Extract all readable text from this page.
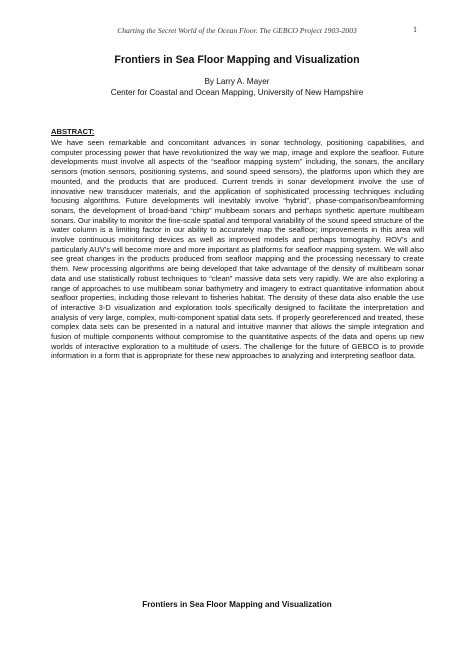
Charting the Secret World of the Ocean Floor. The GEBCO Project 1903-2003	1
Frontiers in Sea Floor Mapping and Visualization
By Larry A. Mayer
Center for Coastal and Ocean Mapping, University of New Hampshire
ABSTRACT:

We have seen remarkable and concomitant advances in sonar technology, positioning capabilities, and computer processing power that have revolutionized the way we map, image and explore the seafloor. Future developments must involve all aspects of the “seafloor mapping system” including, the sonars, the ancillary sensors (motion sensors, positioning systems, and sound speed sensors), the platforms upon which they are mounted, and the products that are produced. Current trends in sonar development involve the use of innovative new transducer materials, and the application of sophisticated processing techniques including focusing algorithms. Future developments will inevitably involve “hybrid”, phase-comparison/beamforming sonars, the development of broad-band “chirp” multibeam sonars and perhaps synthetic aperture multibeam sonars. Our inability to monitor the fine-scale spatial and temporal variability of the sound speed structure of the water column is a limiting factor in our ability to accurately map the seafloor; improvements in this area will involve continuous monitoring devices as well as improved models and perhaps tomography. ROV’s and particularly AUV’s will become more and more important as platforms for seafloor mapping system. We will also see great changes in the products produced from seafloor mapping and the processing necessary to create them. New processing algorithms are being developed that take advantage of the density of multibeam sonar data and use statistically robust techniques to “clean” massive data sets very rapidly. We are also exploring a range of approaches to use multibeam sonar bathymetry and imagery to extract quantitative information about seafloor properties, including those relevant to fisheries habitat. The density of these data also enable the use of interactive 3-D visualization and exploration tools specifically designed to facilitate the interpretation and analysis of very large, complex, multi-component spatial data sets. If properly georeferenced and treated, these complex data sets can be presented in a natural and intuitive manner that allows the simple integration and fusion of multiple components without compromise to the quantitative aspects of the data and opens up new worlds of interactive exploration to a multitude of users. The challenge for the future of GEBCO is to provide information in a form that is appropriate for these new approaches to analyzing and interpreting seafloor data.

Frontiers in Sea Floor Mapping and Visualization
